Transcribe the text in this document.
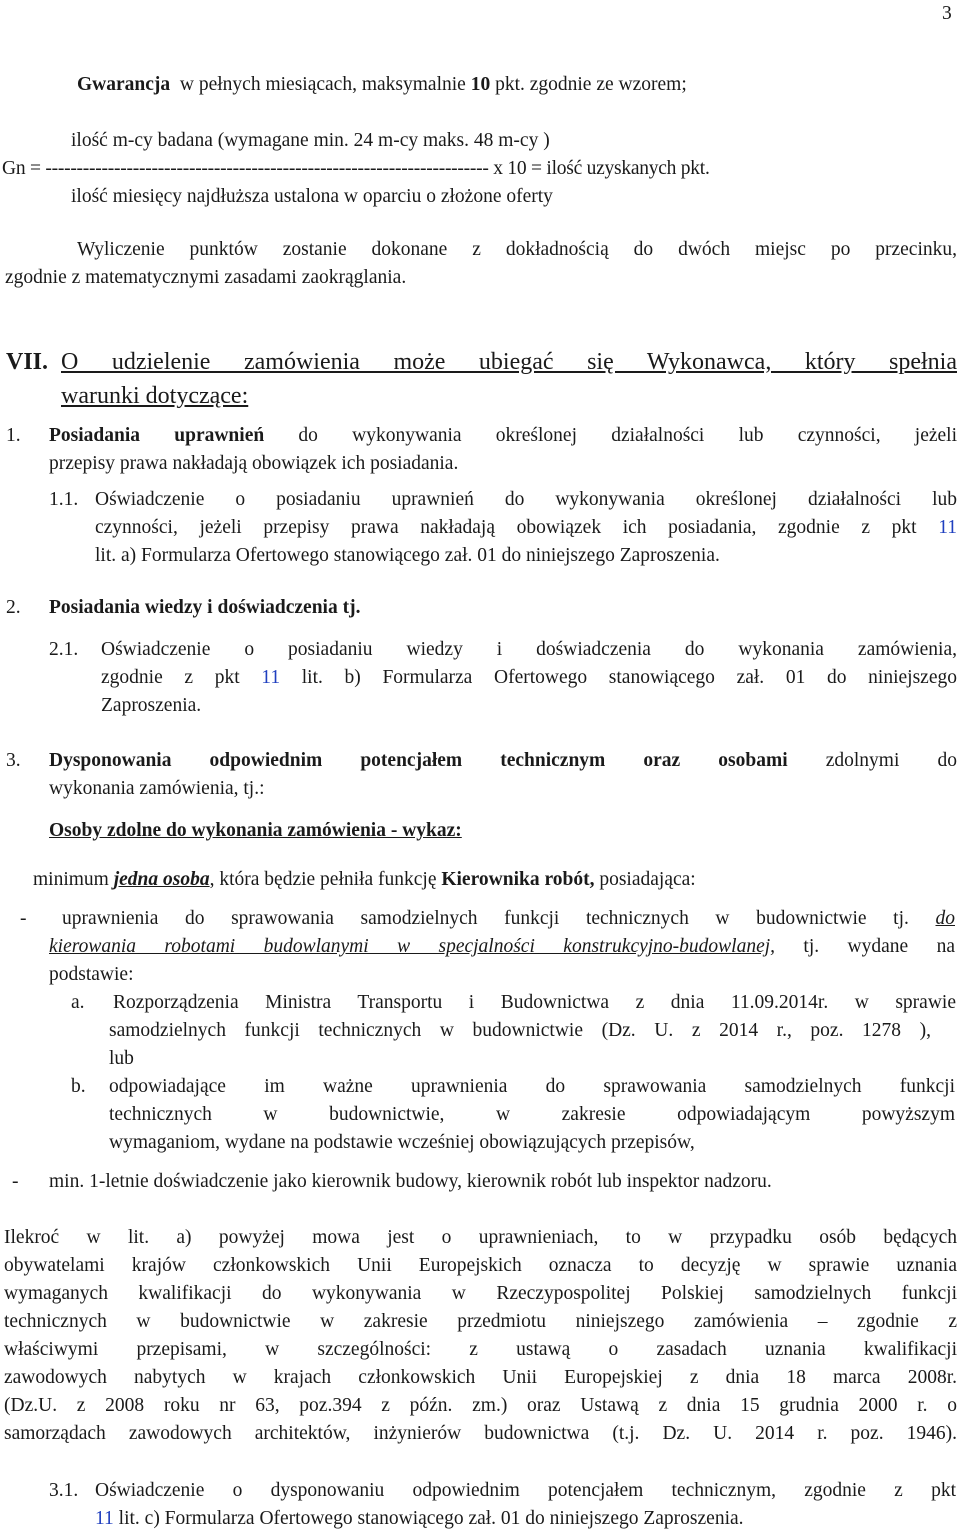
3
Gwarancja  w pełnych miesiącach, maksymalnie 10 pkt. zgodnie ze wzorem;
ilość m-cy badana (wymagane min. 24 m-cy maks. 48 m-cy )
Gn = ----------------------------------------------------------------------- x 10 = ilość uzyskanych pkt.
ilość miesięcy najdłuższa ustalona w oparciu o złożone oferty
Wyliczenie punktów zostanie dokonane z dokładnością do dwóch miejsc po przecinku,
zgodnie z matematycznymi zasadami zaokrąglania.
VII. O udzielenie zamówienia może ubiegać się Wykonawca, który spełnia
warunki dotyczące:
1. Posiadania uprawnień do wykonywania określonej działalności lub czynności, jeżeli
przepisy prawa nakładają obowiązek ich posiadania.
1.1. Oświadczenie o posiadaniu uprawnień do wykonywania określonej działalności lub
czynności, jeżeli przepisy prawa nakładają obowiązek ich posiadania, zgodnie z pkt 11
lit. a) Formularza Ofertowego stanowiącego zał. 01 do niniejszego Zaproszenia.
2. Posiadania wiedzy i doświadczenia tj.
2.1. Oświadczenie o posiadaniu wiedzy i doświadczenia do wykonania zamówienia,
zgodnie z pkt 11 lit. b) Formularza Ofertowego stanowiącego zał. 01 do niniejszego
Zaproszenia.
3. Dysponowania odpowiednim potencjałem technicznym oraz osobami zdolnymi do
wykonania zamówienia, tj.:
Osoby zdolne do wykonania zamówienia - wykaz:
minimum jedna osoba, która będzie pełniła funkcję Kierownika robót, posiadająca:
- uprawnienia do sprawowania samodzielnych funkcji technicznych w budownictwie tj. do
kierowania robotami budowlanymi w specjalności konstrukcyjno-budowlanej, tj. wydane na
podstawie:
a. Rozporządzenia Ministra Transportu i Budownictwa z dnia 11.09.2014r. w sprawie
samodzielnych funkcji technicznych w budownictwie (Dz. U. z 2014 r., poz. 1278 ),
lub
b. odpowiadające im ważne uprawnienia do sprawowania samodzielnych funkcji
technicznych w budownictwie, w zakresie odpowiadającym powyższym
wymaganiom, wydane na podstawie wcześniej obowiązujących przepisów,
- min. 1-letnie doświadczenie jako kierownik budowy, kierownik robót lub inspektor nadzoru.
Ilekroć w lit. a) powyżej mowa jest o uprawnieniach, to w przypadku osób będących
obywatelami krajów członkowskich Unii Europejskich oznacza to decyzję w sprawie uznania
wymaganych kwalifikacji do wykonywania w Rzeczypospolitej Polskiej samodzielnych funkcji
technicznych w budownictwie w zakresie przedmiotu niniejszego zamówienia – zgodnie z
właściwymi przepisami, w szczególności: z ustawą o zasadach uznania kwalifikacji
zawodowych nabytych w krajach członkowskich Unii Europejskiej z dnia 18 marca 2008r.
(Dz.U. z 2008 roku nr 63, poz.394 z późn. zm.) oraz Ustawą z dnia 15 grudnia 2000 r. o
samorządach zawodowych architektów, inżynierów budownictwa (t.j. Dz. U. 2014 r. poz. 1946).
3.1. Oświadczenie o dysponowaniu odpowiednim potencjałem technicznym, zgodnie z pkt
11 lit. c) Formularza Ofertowego stanowiącego zał. 01 do niniejszego Zaproszenia.
